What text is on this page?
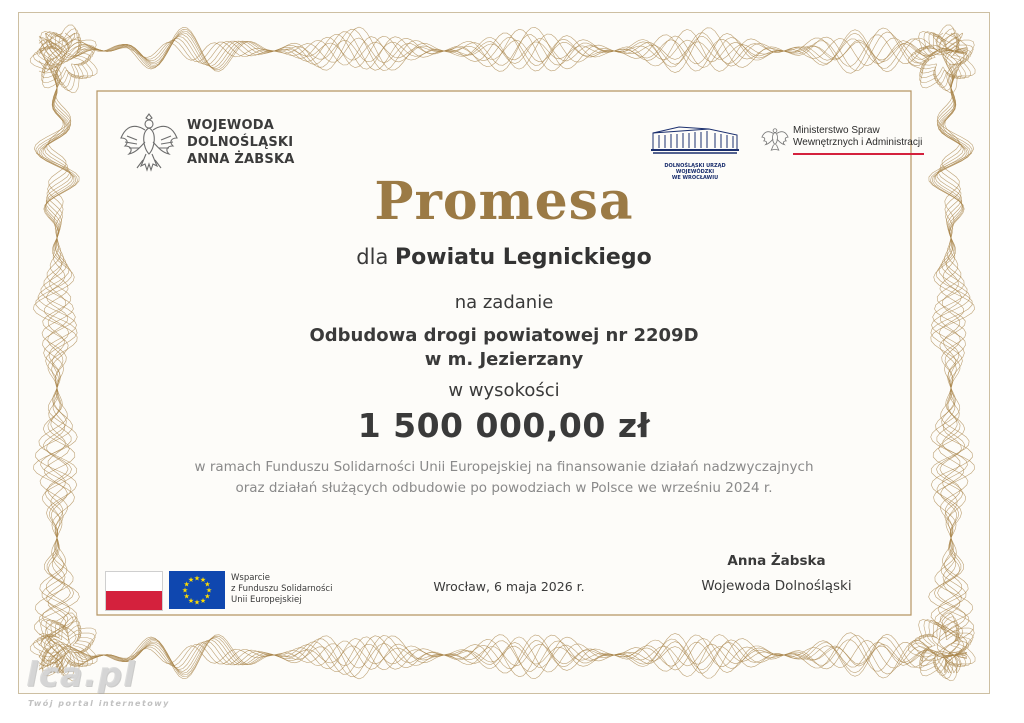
WOJEWODA
DOLNOŚLĄSKI
ANNA ŻABSKA	DOLNOŚLĄSKI URZĄD WOJEWÓDZKI
WE WROCŁAWIU
Ministerstwo Spraw
Wewnętrznych i Administracji
Promesa
dla Powiatu Legnickiego
na zadanie
Odbudowa drogi powiatowej nr 2209D
w m. Jezierzany
w wysokości
1 500 000,00 zł
w ramach Funduszu Solidarności Unii Europejskiej na finansowanie działań nadzwyczajnych
oraz działań służących odbudowie po powodziach w Polsce we wrześniu 2024 r.
★ ★
★
★
★
★
★
★
★
★
★
★	Wsparcie
z Funduszu Solidarności
Unii Europejskiej
Wrocław, 6 maja 2026 r.
Anna Żabska
Wojewoda Dolnośląski
lca.pl
Twój portal internetowy
